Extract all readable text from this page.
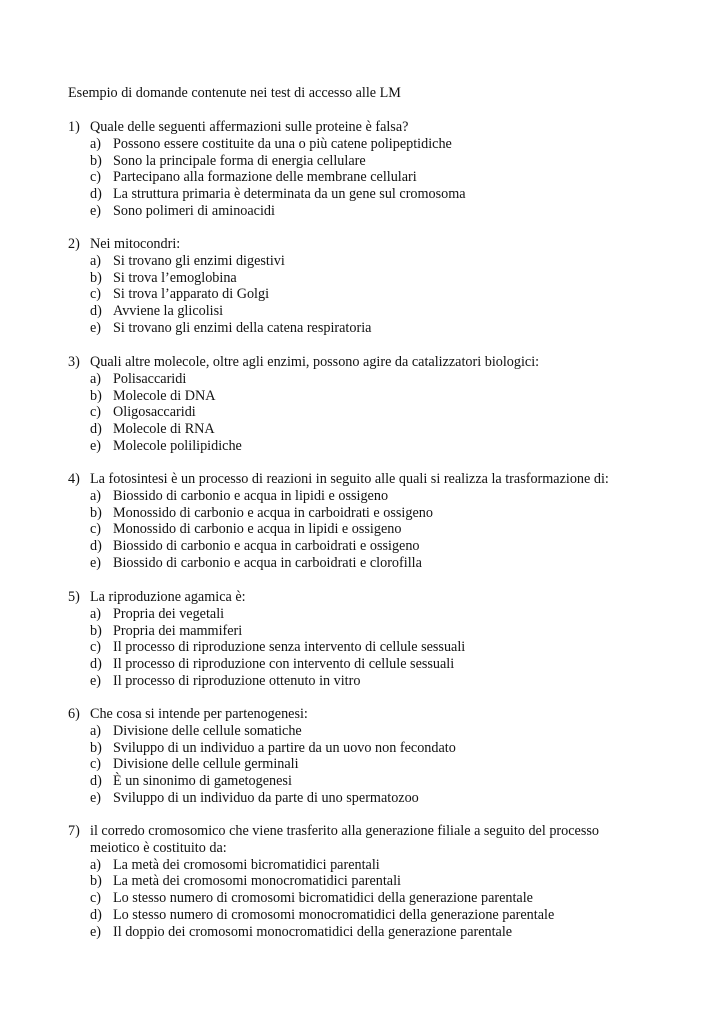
Esempio di domande contenute nei test di accesso alle LM
1) Quale delle seguenti affermazioni sulle proteine è falsa?
a) Possono essere costituite da una o più catene polipeptidiche
b) Sono la principale forma di energia cellulare
c) Partecipano alla formazione delle membrane cellulari
d) La struttura primaria è determinata da un gene sul cromosoma
e) Sono polimeri di aminoacidi
2) Nei mitocondri:
a) Si trovano gli enzimi digestivi
b) Si trova l’emoglobina
c) Si trova l’apparato di Golgi
d) Avviene la glicolisi
e) Si trovano gli enzimi della catena respiratoria
3) Quali altre molecole, oltre agli enzimi, possono agire da catalizzatori biologici:
a) Polisaccaridi
b) Molecole di DNA
c) Oligosaccaridi
d) Molecole di RNA
e) Molecole polilipidiche
4) La fotosintesi è un processo di reazioni in seguito alle quali si realizza la trasformazione di:
a) Biossido di carbonio e acqua in lipidi e ossigeno
b) Monossido di carbonio e acqua in carboidrati e ossigeno
c) Monossido di carbonio e acqua in lipidi e ossigeno
d) Biossido di carbonio e acqua in carboidrati e ossigeno
e) Biossido di carbonio e acqua in carboidrati e clorofilla
5) La riproduzione agamica è:
a) Propria dei vegetali
b) Propria dei mammiferi
c) Il processo di riproduzione senza intervento di cellule sessuali
d) Il processo di riproduzione con intervento di cellule sessuali
e) Il processo di riproduzione ottenuto in vitro
6) Che cosa si intende per partenogenesi:
a) Divisione delle cellule somatiche
b) Sviluppo di un individuo a partire da un uovo non fecondato
c) Divisione delle cellule germinali
d) È un sinonimo di gametogenesi
e) Sviluppo di un individuo da parte di uno spermatozoo
7) il corredo cromosomico che viene trasferito alla generazione filiale a seguito del processo
meiotico è costituito da:
a) La metà dei cromosomi bicromatidici parentali
b) La metà dei cromosomi monocromatidici parentali
c) Lo stesso numero di cromosomi bicromatidici della generazione parentale
d) Lo stesso numero di cromosomi monocromatidici della generazione parentale
e) Il doppio dei cromosomi monocromatidici della generazione parentale
